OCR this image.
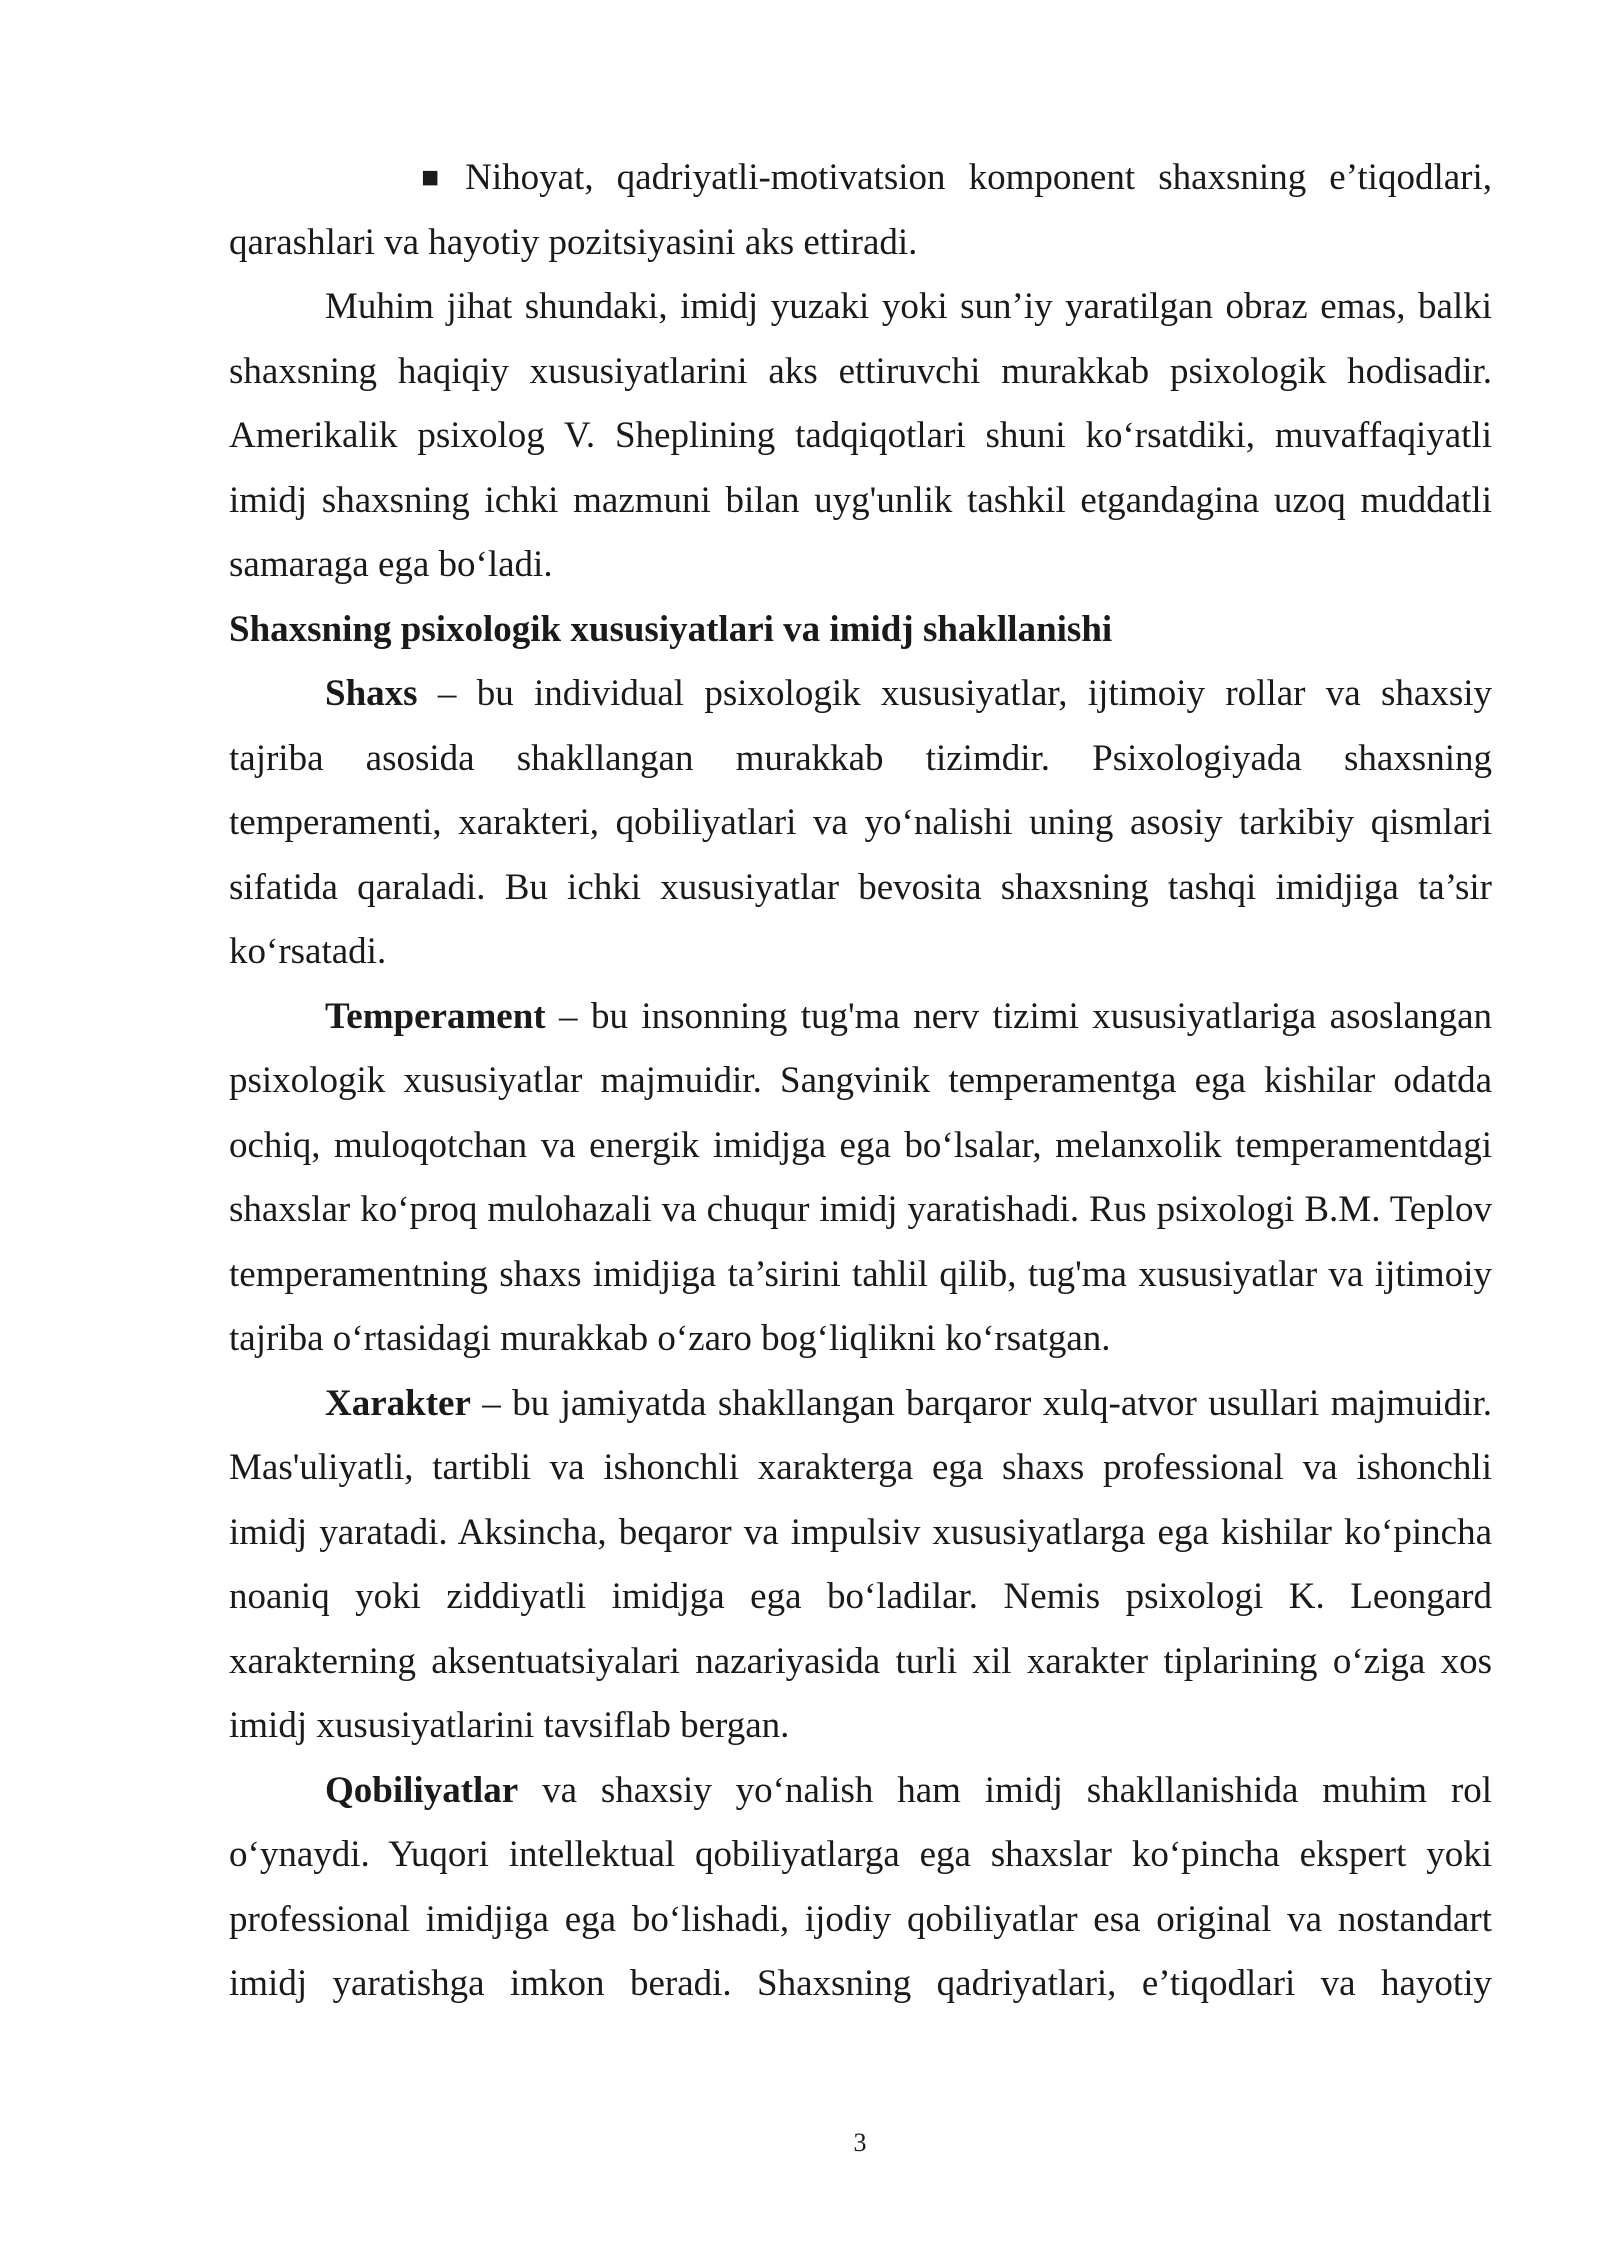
■ Nihoyat, qadriyatli-motivatsion komponent shaxsning e’tiqodlari, qarashlari va hayotiy pozitsiyasini aks ettiradi.

Muhim jihat shundaki, imidj yuzaki yoki sun’iy yaratilgan obraz emas, balki shaxsning haqiqiy xususiyatlarini aks ettiruvchi murakkab psixologik hodisadir. Amerikalik psixolog V. Sheplining tadqiqotlari shuni ko‘rsatdiki, muvaffaqiyatli imidj shaxsning ichki mazmuni bilan uyg'unlik tashkil etgandagina uzoq muddatli samaraga ega bo‘ladi.

Shaxsning psixologik xususiyatlari va imidj shakllanishi

Shaxs – bu individual psixologik xususiyatlar, ijtimoiy rollar va shaxsiy tajriba asosida shakllangan murakkab tizimdir. Psixologiyada shaxsning temperamenti, xarakteri, qobiliyatlari va yo‘nalishi uning asosiy tarkibiy qismlari sifatida qaraladi. Bu ichki xususiyatlar bevosita shaxsning tashqi imidjiga ta’sir ko‘rsatadi.

Temperament – bu insonning tug'ma nerv tizimi xususiyatlariga asoslangan psixologik xususiyatlar majmuidir. Sangvinik temperamentga ega kishilar odatda ochiq, muloqotchan va energik imidjga ega bo‘lsalar, melanxolik temperamentdagi shaxslar ko‘proq mulohazali va chuqur imidj yaratishadi. Rus psixologi B.M. Teplov temperamentning shaxs imidjiga ta’sirini tahlil qilib, tug'ma xususiyatlar va ijtimoiy tajriba o‘rtasidagi murakkab o‘zaro bog‘liqlikni ko‘rsatgan.

Xarakter – bu jamiyatda shakllangan barqaror xulq-atvor usullari majmuidir. Mas'uliyatli, tartibli va ishonchli xarakterga ega shaxs professional va ishonchli imidj yaratadi. Aksincha, beqaror va impulsiv xususiyatlarga ega kishilar ko‘pincha noaniq yoki ziddiyatli imidjga ega bo‘ladilar. Nemis psixologi K. Leongard xarakterning aksentuatsiyalari nazariyasida turli xil xarakter tiplarining o‘ziga xos imidj xususiyatlarini tavsiflab bergan.

Qobiliyatlar va shaxsiy yo‘nalish ham imidj shakllanishida muhim rol o‘ynaydi. Yuqori intellektual qobiliyatlarga ega shaxslar ko‘pincha ekspert yoki professional imidjiga ega bo‘lishadi, ijodiy qobiliyatlar esa original va nostandart imidj yaratishga imkon beradi. Shaxsning qadriyatlari, e’tiqodlari va hayotiy

3
